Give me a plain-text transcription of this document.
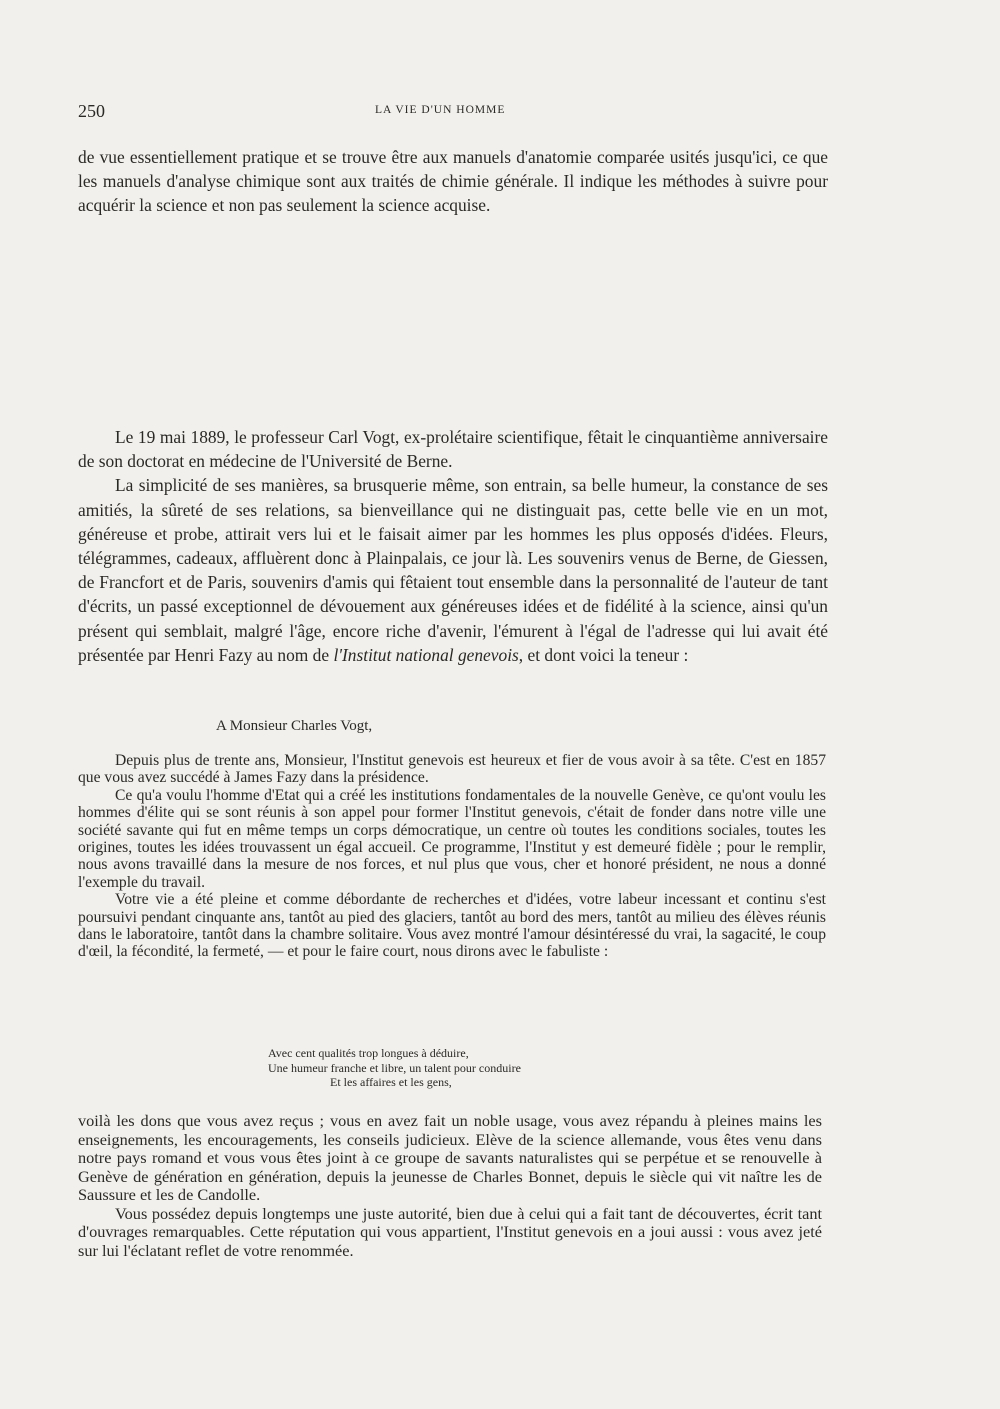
250	LA VIE D'UN HOMME

de vue essentiellement pratique et se trouve être aux manuels d'anatomie comparée usités jusqu'ici, ce que les manuels d'analyse chimique sont aux traités de chimie générale. Il indique les méthodes à suivre pour acquérir la science et non pas seulement la science acquise.

Le 19 mai 1889, le professeur Carl Vogt, ex-prolétaire scientifique, fêtait le cinquantième anniversaire de son doctorat en médecine de l'Université de Berne.

La simplicité de ses manières, sa brusquerie même, son entrain, sa belle humeur, la constance de ses amitiés, la sûreté de ses relations, sa bienveillance qui ne distinguait pas, cette belle vie en un mot, généreuse et probe, attirait vers lui et le faisait aimer par les hommes les plus opposés d'idées. Fleurs, télégrammes, cadeaux, affluèrent donc à Plainpalais, ce jour là. Les souvenirs venus de Berne, de Giessen, de Francfort et de Paris, souvenirs d'amis qui fêtaient tout ensemble dans la personnalité de l'auteur de tant d'écrits, un passé exceptionnel de dévouement aux généreuses idées et de fidélité à la science, ainsi qu'un présent qui semblait, malgré l'âge, encore riche d'avenir, l'émurent à l'égal de l'adresse qui lui avait été présentée par Henri Fazy au nom de l'Institut national genevois, et dont voici la teneur :

A Monsieur Charles Vogt,

Depuis plus de trente ans, Monsieur, l'Institut genevois est heureux et fier de vous avoir à sa tête. C'est en 1857 que vous avez succédé à James Fazy dans la présidence.

Ce qu'a voulu l'homme d'Etat qui a créé les institutions fondamentales de la nouvelle Genève, ce qu'ont voulu les hommes d'élite qui se sont réunis à son appel pour former l'Institut genevois, c'était de fonder dans notre ville une société savante qui fut en même temps un corps démocratique, un centre où toutes les conditions sociales, toutes les origines, toutes les idées trouvassent un égal accueil. Ce programme, l'Institut y est demeuré fidèle ; pour le remplir, nous avons travaillé dans la mesure de nos forces, et nul plus que vous, cher et honoré président, ne nous a donné l'exemple du travail.

Votre vie a été pleine et comme débordante de recherches et d'idées, votre labeur incessant et continu s'est poursuivi pendant cinquante ans, tantôt au pied des glaciers, tantôt au bord des mers, tantôt au milieu des élèves réunis dans le laboratoire, tantôt dans la chambre solitaire. Vous avez montré l'amour désintéressé du vrai, la sagacité, le coup d'œil, la fécondité, la fermeté, — et pour le faire court, nous dirons avec le fabuliste :

Avec cent qualités trop longues à déduire,
Une humeur franche et libre, un talent pour conduire
Et les affaires et les gens,

voilà les dons que vous avez reçus ; vous en avez fait un noble usage, vous avez répandu à pleines mains les enseignements, les encouragements, les conseils judicieux. Elève de la science allemande, vous êtes venu dans notre pays romand et vous vous êtes joint à ce groupe de savants naturalistes qui se perpétue et se renouvelle à Genève de génération en génération, depuis la jeunesse de Charles Bonnet, depuis le siècle qui vit naître les de Saussure et les de Candolle.

Vous possédez depuis longtemps une juste autorité, bien due à celui qui a fait tant de découvertes, écrit tant d'ouvrages remarquables. Cette réputation qui vous appartient, l'Institut genevois en a joui aussi : vous avez jeté sur lui l'éclatant reflet de votre renommée.
